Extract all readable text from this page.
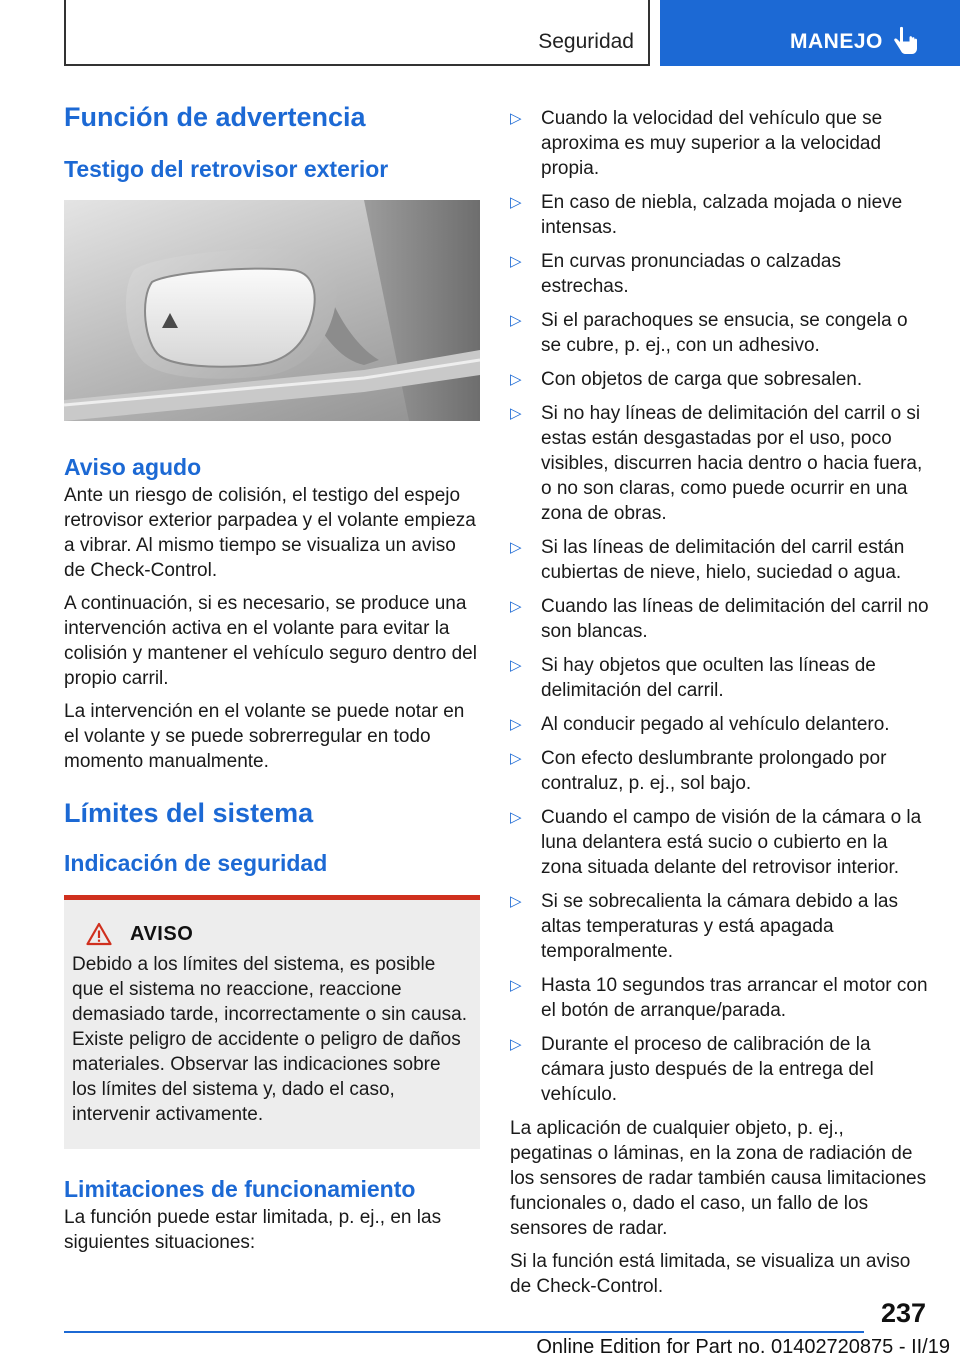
Seguridad	MANEJO
Función de advertencia
Testigo del retrovisor exterior
Aviso agudo

Ante un riesgo de colisión, el testigo del espejo retrovisor exterior parpadea y el volante empieza a vibrar. Al mismo tiempo se visualiza un aviso de Check-Control.

A continuación, si es necesario, se produce una intervención activa en el volante para evitar la colisión y mantener el vehículo seguro dentro del propio carril.

La intervención en el volante se puede notar en el volante y se puede sobrerregular en todo momento manualmente.

Límites del sistema
Indicación de seguridad
AVISO

Debido a los límites del sistema, es posible que el sistema no reaccione, reaccione demasiado tarde, incorrectamente o sin causa. Existe peligro de accidente o peligro de daños materiales. Observar las indicaciones sobre los límites del sistema y, dado el caso, intervenir activamente.

Limitaciones de funcionamiento

La función puede estar limitada, p. ej., en las siguientes situaciones:

▷ Cuando la velocidad del vehículo que se aproxima es muy superior a la velocidad propia.
▷ En caso de niebla, calzada mojada o nieve intensas.
▷ En curvas pronunciadas o calzadas estrechas.
▷ Si el parachoques se ensucia, se congela o se cubre, p. ej., con un adhesivo.
▷ Con objetos de carga que sobresalen.
▷ Si no hay líneas de delimitación del carril o si estas están desgastadas por el uso, poco visibles, discurren hacia dentro o hacia fuera, o no son claras, como puede ocurrir en una zona de obras.
▷ Si las líneas de delimitación del carril están cubiertas de nieve, hielo, suciedad o agua.
▷ Cuando las líneas de delimitación del carril no son blancas.
▷ Si hay objetos que oculten las líneas de delimitación del carril.
▷ Al conducir pegado al vehículo delantero.
▷ Con efecto deslumbrante prolongado por contraluz, p. ej., sol bajo.
▷ Cuando el campo de visión de la cámara o la luna delantera está sucio o cubierto en la zona situada delante del retrovisor interior.
▷ Si se sobrecalienta la cámara debido a las altas temperaturas y está apagada temporalmente.
▷ Hasta 10 segundos tras arrancar el motor con el botón de arranque/parada.
▷ Durante el proceso de calibración de la cámara justo después de la entrega del vehículo.

La aplicación de cualquier objeto, p. ej., pegatinas o láminas, en la zona de radiación de los sensores de radar también causa limitaciones funcionales o, dado el caso, un fallo de los sensores de radar.

Si la función está limitada, se visualiza un aviso de Check-Control.

237
Online Edition for Part no. 01402720875 - II/19
